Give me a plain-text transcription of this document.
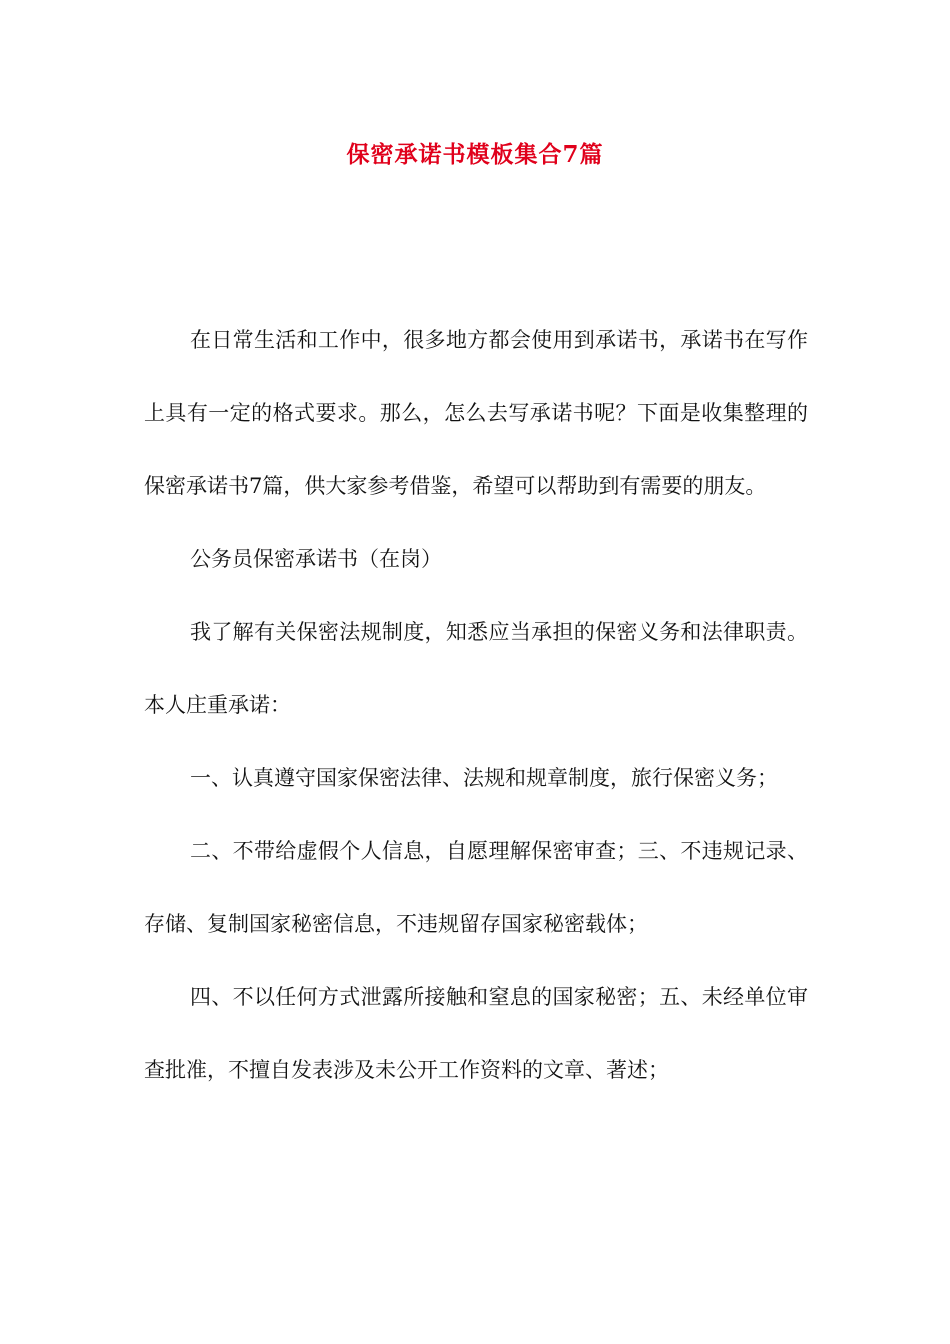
保密承诺书模板集合7篇

在日常生活和工作中，很多地方都会使用到承诺书，承诺书在写作上具有一定的格式要求。那么，怎么去写承诺书呢？下面是收集整理的保密承诺书7篇，供大家参考借鉴，希望可以帮助到有需要的朋友。

公务员保密承诺书（在岗）

我了解有关保密法规制度，知悉应当承担的保密义务和法律职责。本人庄重承诺：

一、认真遵守国家保密法律、法规和规章制度，旅行保密义务；

二、不带给虚假个人信息，自愿理解保密审查；三、不违规记录、存储、复制国家秘密信息，不违规留存国家秘密载体；

四、不以任何方式泄露所接触和窒息的国家秘密；五、未经单位审查批准，不擅自发表涉及未公开工作资料的文章、著述；
